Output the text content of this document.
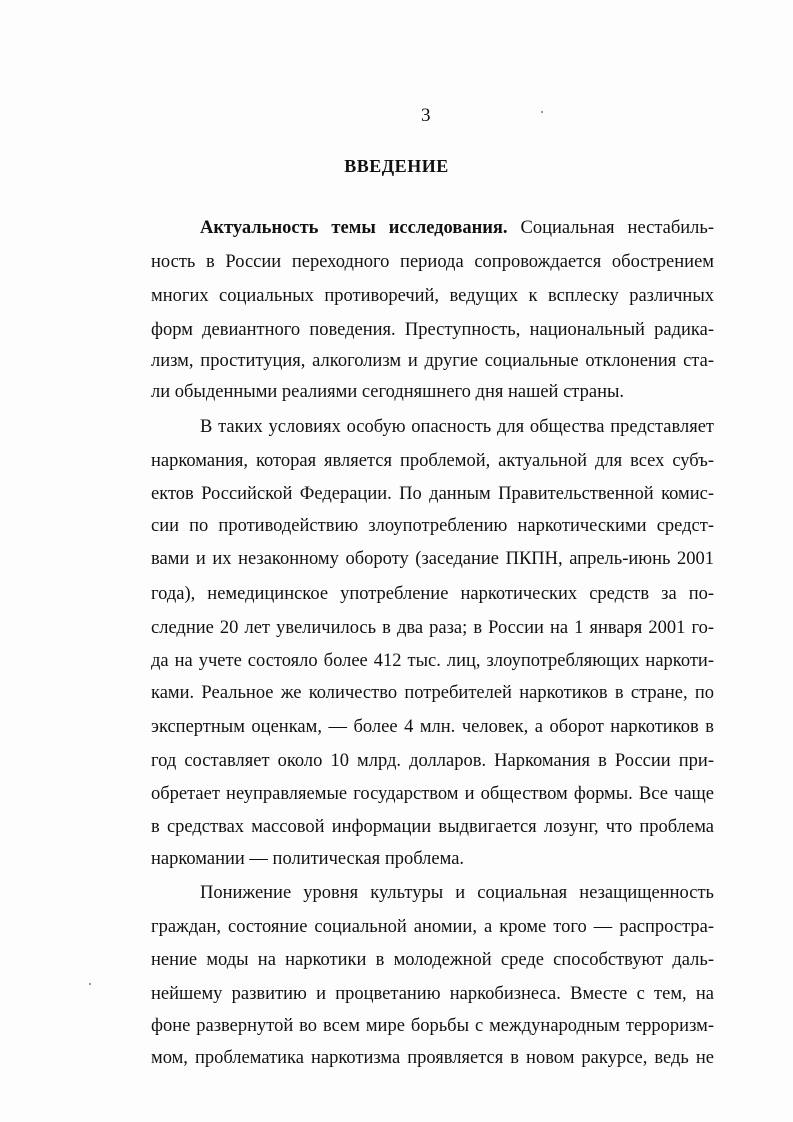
3
ВВЕДЕНИЕ
Актуальность темы исследования. Социальная нестабиль-
ность в России переходного периода сопровождается обострением
многих социальных противоречий, ведущих к всплеску различных
форм девиантного поведения. Преступность, национальный радика-
лизм, проституция, алкоголизм и другие социальные отклонения ста-
ли обыденными реалиями сегодняшнего дня нашей страны.
В таких условиях особую опасность для общества представляет
наркомания, которая является проблемой, актуальной для всех субъ-
ектов Российской Федерации. По данным Правительственной комис-
сии по противодействию злоупотреблению наркотическими средст-
вами и их незаконному обороту (заседание ПКПН, апрель-июнь 2001
года), немедицинское употребление наркотических средств за по-
следние 20 лет увеличилось в два раза; в России на 1 января 2001 го-
да на учете состояло более 412 тыс. лиц, злоупотребляющих наркоти-
ками. Реальное же количество потребителей наркотиков в стране, по
экспертным оценкам, — более 4 млн. человек, а оборот наркотиков в
год составляет около 10 млрд. долларов. Наркомания в России при-
обретает неуправляемые государством и обществом формы. Все чаще
в средствах массовой информации выдвигается лозунг, что проблема
наркомании — политическая проблема.
Понижение уровня культуры и социальная незащищенность
граждан, состояние социальной аномии, а кроме того — распростра-
нение моды на наркотики в молодежной среде способствуют даль-
нейшему развитию и процветанию наркобизнеса. Вместе с тем, на
фоне развернутой во всем мире борьбы с международным терроризм-
мом, проблематика наркотизма проявляется в новом ракурсе, ведь не
